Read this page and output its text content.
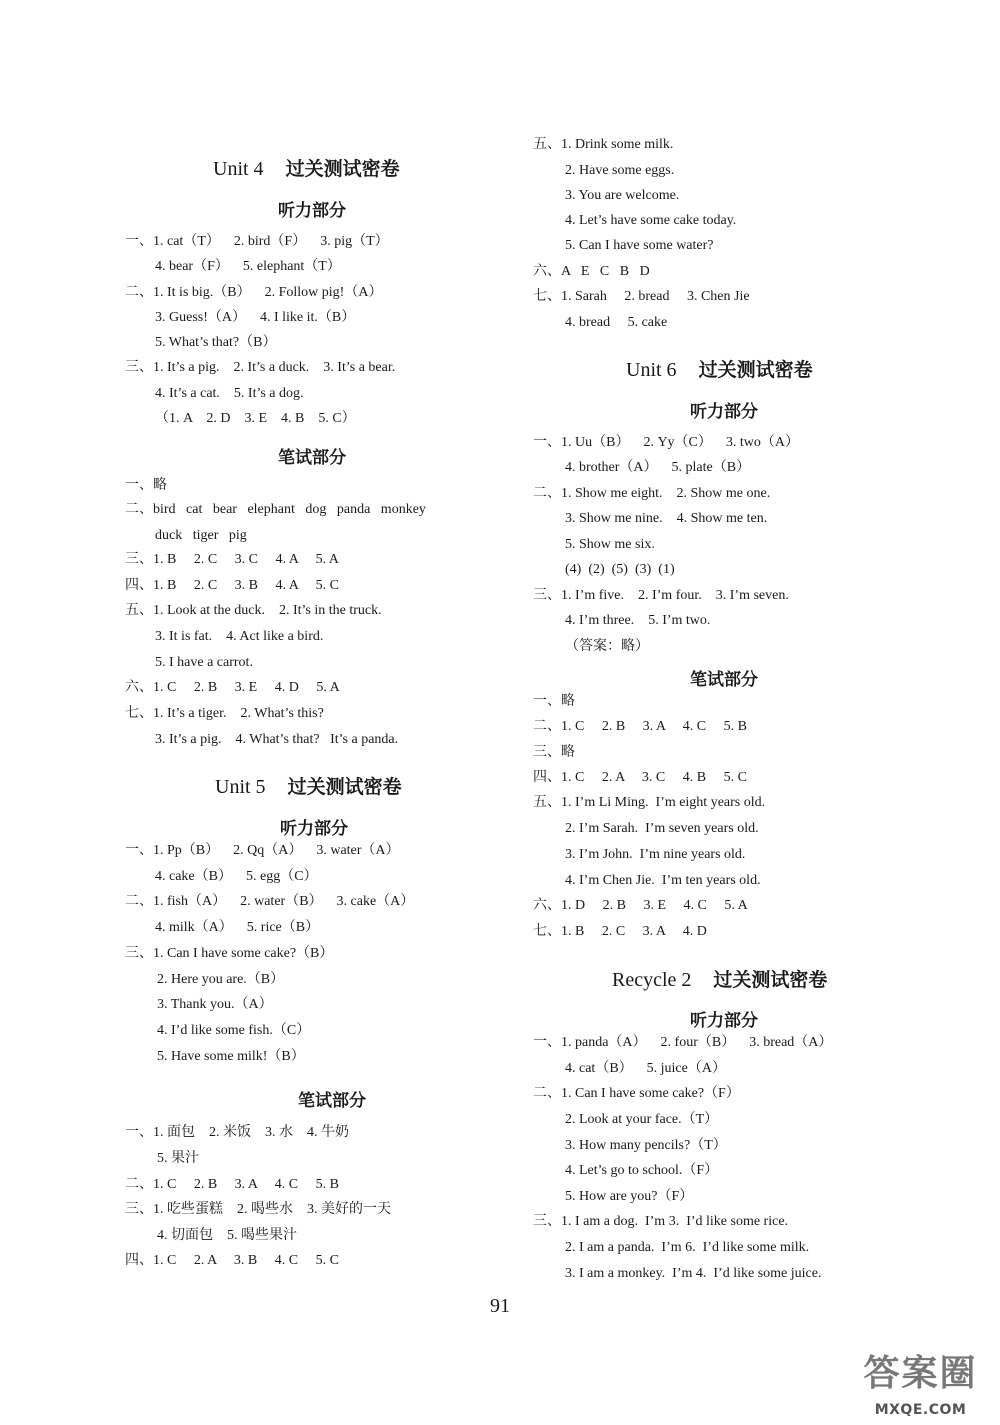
Unit 4 过关测试密卷
听力部分
一、1. cat（T）    2. bird（F）    3. pig（T）
4. bear（F）    5. elephant（T）
二、1. It is big.（B）    2. Follow pig!（A）
3. Guess!（A）    4. I like it.（B）
5. What’s that?（B）
三、1. It’s a pig.    2. It’s a duck.    3. It’s a bear.
4. It’s a cat.    5. It’s a dog.
（1. A    2. D    3. E    4. B    5. C）
笔试部分
一、略
二、bird   cat   bear   elephant   dog   panda   monkey
duck   tiger   pig
三、1. B     2. C     3. C     4. A     5. A
四、1. B     2. C     3. B     4. A     5. C
五、1. Look at the duck.    2. It’s in the truck.
3. It is fat.    4. Act like a bird.
5. I have a carrot.
六、1. C     2. B     3. E     4. D     5. A
七、1. It’s a tiger.    2. What’s this?
3. It’s a pig.    4. What’s that?   It’s a panda.
Unit 5 过关测试密卷
听力部分
一、1. Pp（B）    2. Qq（A）    3. water（A）
4. cake（B）    5. egg（C）
二、1. fish（A）    2. water（B）    3. cake（A）
4. milk（A）    5. rice（B）
三、1. Can I have some cake?（B）
2. Here you are.（B）
3. Thank you.（A）
4. I’d like some fish.（C）
5. Have some milk!（B）
笔试部分
一、1. 面包    2. 米饭    3. 水    4. 牛奶
5. 果汁
二、1. C     2. B     3. A     4. C     5. B
三、1. 吃些蛋糕    2. 喝些水    3. 美好的一天
4. 切面包    5. 喝些果汁
四、1. C     2. A     3. B     4. C     5. C
五、1. Drink some milk.
2. Have some eggs.
3. You are welcome.
4. Let’s have some cake today.
5. Can I have some water?
六、A   E   C   B   D
七、1. Sarah     2. bread     3. Chen Jie
4. bread     5. cake
Unit 6 过关测试密卷
听力部分
一、1. Uu（B）    2. Yy（C）    3. two（A）
4. brother（A）    5. plate（B）
二、1. Show me eight.    2. Show me one.
3. Show me nine.    4. Show me ten.
5. Show me six.
(4)  (2)  (5)  (3)  (1)
三、1. I’m five.    2. I’m four.    3. I’m seven.
4. I’m three.    5. I’m two.
（答案：略）
笔试部分
一、略
二、1. C     2. B     3. A     4. C     5. B
三、略
四、1. C     2. A     3. C     4. B     5. C
五、1. I’m Li Ming.  I’m eight years old.
2. I’m Sarah.  I’m seven years old.
3. I’m John.  I’m nine years old.
4. I’m Chen Jie.  I’m ten years old.
六、1. D     2. B     3. E     4. C     5. A
七、1. B     2. C     3. A     4. D
Recycle 2 过关测试密卷
听力部分
一、1. panda（A）    2. four（B）    3. bread（A）
4. cat（B）    5. juice（A）
二、1. Can I have some cake?（F）
2. Look at your face.（T）
3. How many pencils?（T）
4. Let’s go to school.（F）
5. How are you?（F）
三、1. I am a dog.  I’m 3.  I’d like some rice.
2. I am a panda.  I’m 6.  I’d like some milk.
3. I am a monkey.  I’m 4.  I’d like some juice.
91
答案圈
MXQE.COM
